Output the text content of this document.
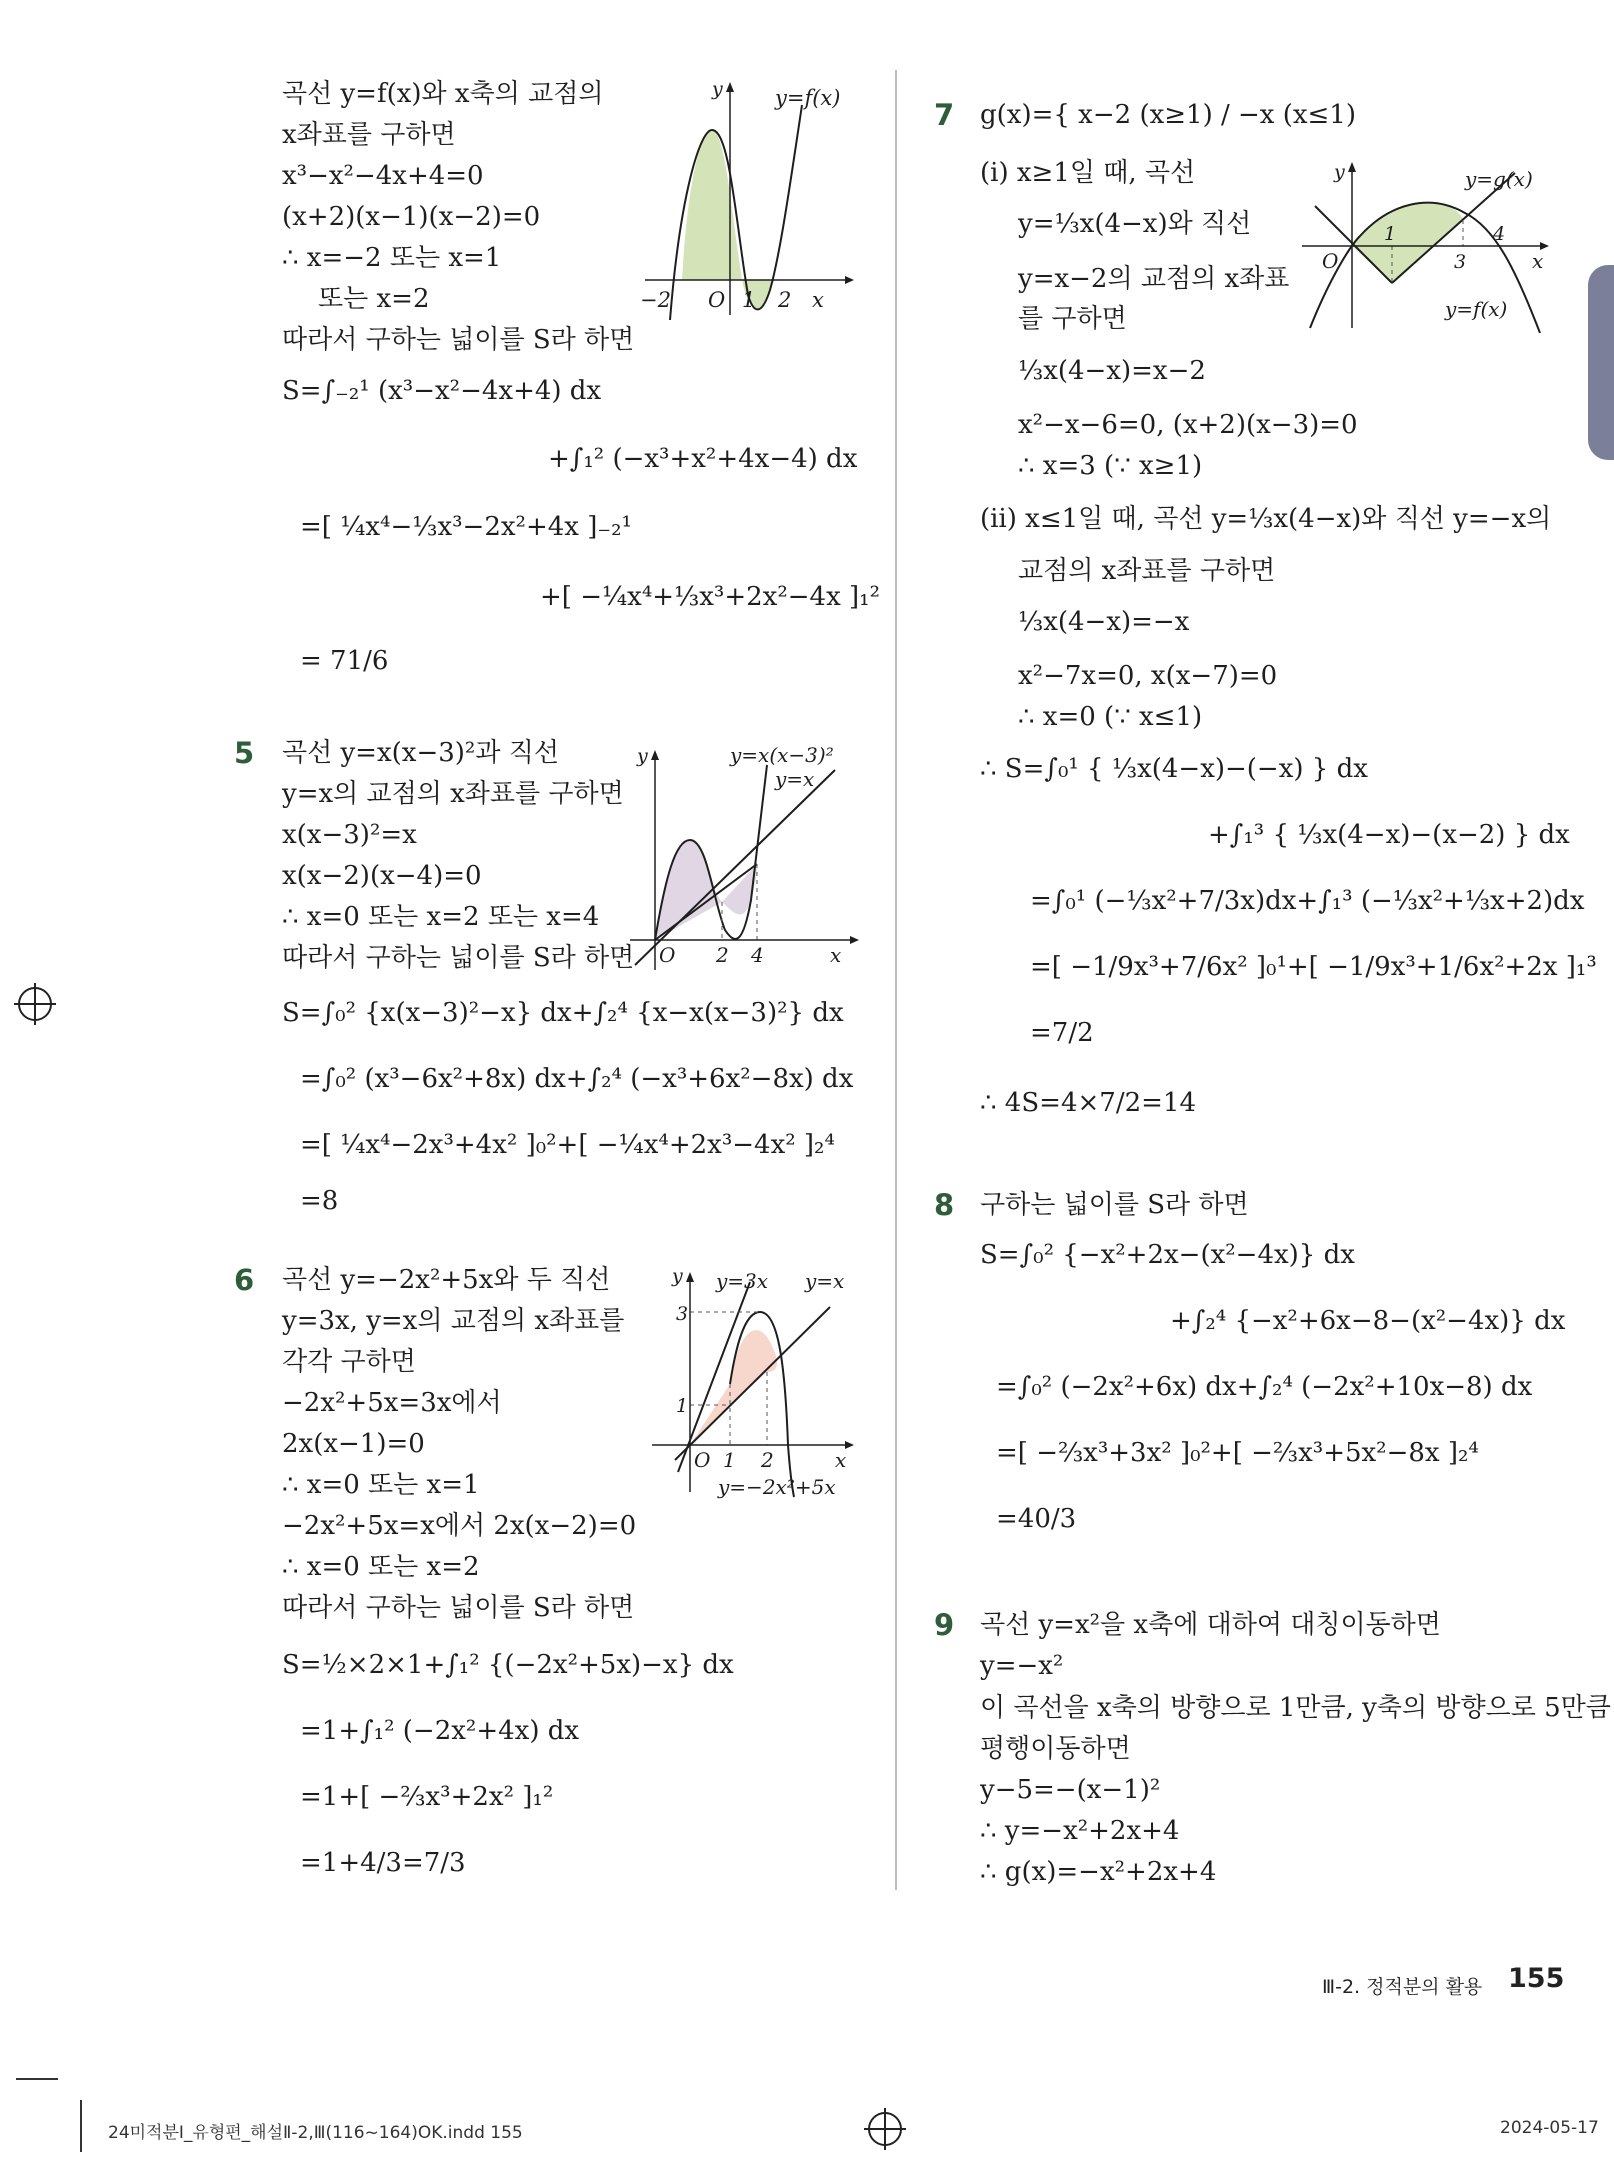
곡선 y=f(x)와 x축의 교점의
x좌표를 구하면
x³−x²−4x+4=0
(x+2)(x−1)(x−2)=0
∴ x=−2 또는 x=1
또는 x=2
따라서 구하는 넓이를 S라 하면
S=∫₋₂¹ (x³−x²−4x+4) dx
+∫₁² (−x³+x²+4x−4) dx
=[ ¼x⁴−⅓x³−2x²+4x ]₋₂¹
+[ −¼x⁴+⅓x³+2x²−4x ]₁²
= 71/6
5 곡선 y=x(x−3)²과 직선
y=x의 교점의 x좌표를 구하면
x(x−3)²=x
x(x−2)(x−4)=0
∴ x=0 또는 x=2 또는 x=4
따라서 구하는 넓이를 S라 하면
S=∫₀² {x(x−3)²−x} dx+∫₂⁴ {x−x(x−3)²} dx
=∫₀² (x³−6x²+8x) dx+∫₂⁴ (−x³+6x²−8x) dx
=[ ¼x⁴−2x³+4x² ]₀²+[ −¼x⁴+2x³−4x² ]₂⁴
=8
6 곡선 y=−2x²+5x와 두 직선
y=3x, y=x의 교점의 x좌표를
각각 구하면
−2x²+5x=3x에서
2x(x−1)=0
∴ x=0 또는 x=1
−2x²+5x=x에서 2x(x−2)=0
∴ x=0 또는 x=2
따라서 구하는 넓이를 S라 하면
S=½×2×1+∫₁² {(−2x²+5x)−x} dx
=1+∫₁² (−2x²+4x) dx
=1+[ −⅔x³+2x² ]₁²
=1+4/3=7/3
y y=f(x)
−2 O 1 2 x
y	y=x(x−3)²
y=x
O 2 4	x
y y=3x y=x
3
1
O 1 2	x
y=−2x²+5x
7 g(x)={ x−2 (x≥1) / −x (x≤1)
(ⅰ) x≥1일 때, 곡선
y=⅓x(4−x)와 직선
y=x−2의 교점의 x좌표
를 구하면
⅓x(4−x)=x−2
x²−x−6=0, (x+2)(x−3)=0
∴ x=3 (∵ x≥1)
(ⅱ) x≤1일 때, 곡선 y=⅓x(4−x)와 직선 y=−x의
교점의 x좌표를 구하면
⅓x(4−x)=−x
x²−7x=0, x(x−7)=0
∴ x=0 (∵ x≤1)
∴ S=∫₀¹ { ⅓x(4−x)−(−x) } dx
+∫₁³ { ⅓x(4−x)−(x−2) } dx
=∫₀¹ (−⅓x²+7/3x)dx+∫₁³ (−⅓x²+⅓x+2)dx
=[ −1/9x³+7/6x² ]₀¹+[ −1/9x³+1/6x²+2x ]₁³
=7/2
∴ 4S=4×7/2=14
8 구하는 넓이를 S라 하면
S=∫₀² {−x²+2x−(x²−4x)} dx
+∫₂⁴ {−x²+6x−8−(x²−4x)} dx
=∫₀² (−2x²+6x) dx+∫₂⁴ (−2x²+10x−8) dx
=[ −⅔x³+3x² ]₀²+[ −⅔x³+5x²−8x ]₂⁴
=40/3
9 곡선 y=x²을 x축에 대하여 대칭이동하면
y=−x²
이 곡선을 x축의 방향으로 1만큼, y축의 방향으로 5만큼
평행이동하면
y−5=−(x−1)²
∴ y=−x²+2x+4
∴ g(x)=−x²+2x+4
y	y=g(x)
1	4
O	3	x
y=f(x)
Ⅲ-2. 정적분의 활용 155
24미적분Ⅰ_유형편_해설Ⅱ-2,Ⅲ(116~164)OK.indd 155	2024-05-17
